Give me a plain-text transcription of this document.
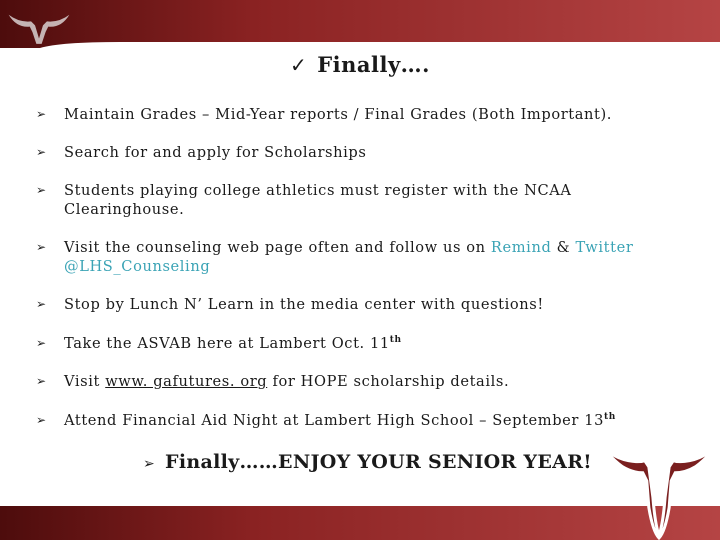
✓ Finally….
➢ Maintain Grades – Mid-Year reports / Final Grades (Both Important).
➢ Search for and apply for Scholarships
➢ Students playing college athletics must register with the NCAA
Clearinghouse.
➢ Visit the counseling web page often and follow us on Remind & Twitter
@LHS_Counseling
➢ Stop by Lunch N’ Learn in the media center with questions!
➢ Take the ASVAB here at Lambert Oct. 11th
➢ Visit www. gafutures. org for HOPE scholarship details.
➢ Attend Financial Aid Night at Lambert High School – September 13th
➢ Finally……ENJOY YOUR SENIOR YEAR!
